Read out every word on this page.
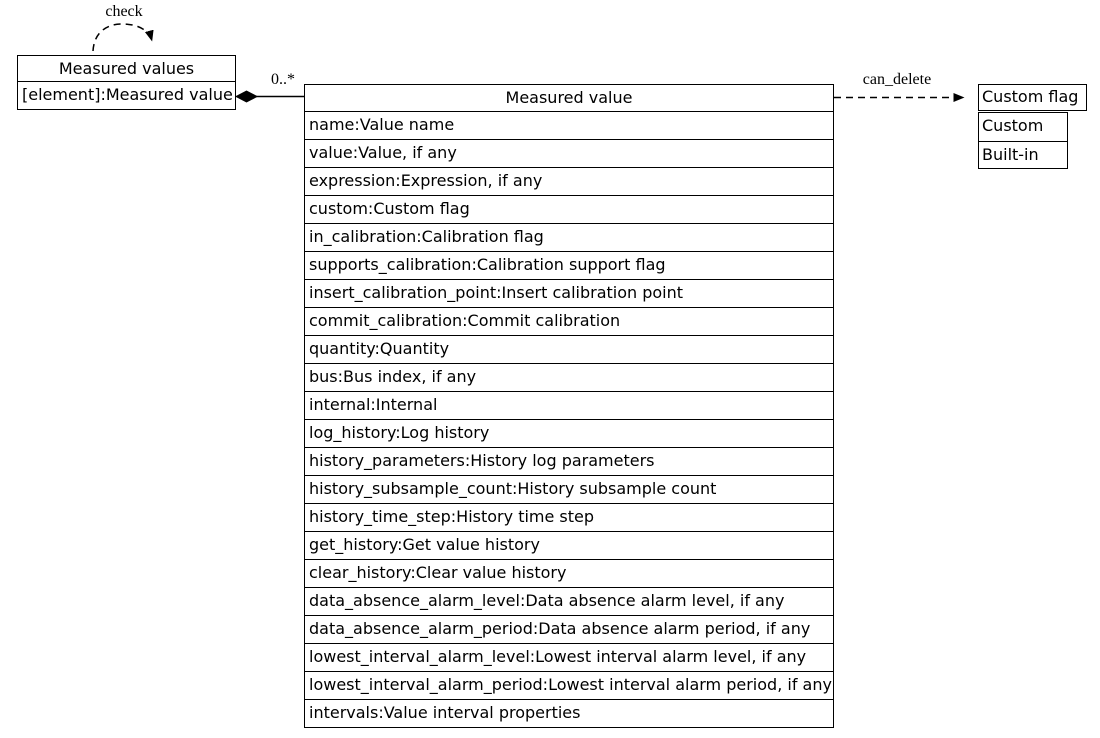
check
0..*	can_delete
Measured values
[element]:Measured value	Measured value
name:Value name
value:Value, if any
expression:Expression, if any
custom:Custom flag
in_calibration:Calibration flag
supports_calibration:Calibration support flag
insert_calibration_point:Insert calibration point
commit_calibration:Commit calibration
quantity:Quantity
bus:Bus index, if any
internal:Internal
log_history:Log history
history_parameters:History log parameters
history_subsample_count:History subsample count
history_time_step:History time step
get_history:Get value history
clear_history:Clear value history
data_absence_alarm_level:Data absence alarm level, if any
data_absence_alarm_period:Data absence alarm period, if any
lowest_interval_alarm_level:Lowest interval alarm level, if any
lowest_interval_alarm_period:Lowest interval alarm period, if any
intervals:Value interval properties
Custom flag
Custom
Built-in
